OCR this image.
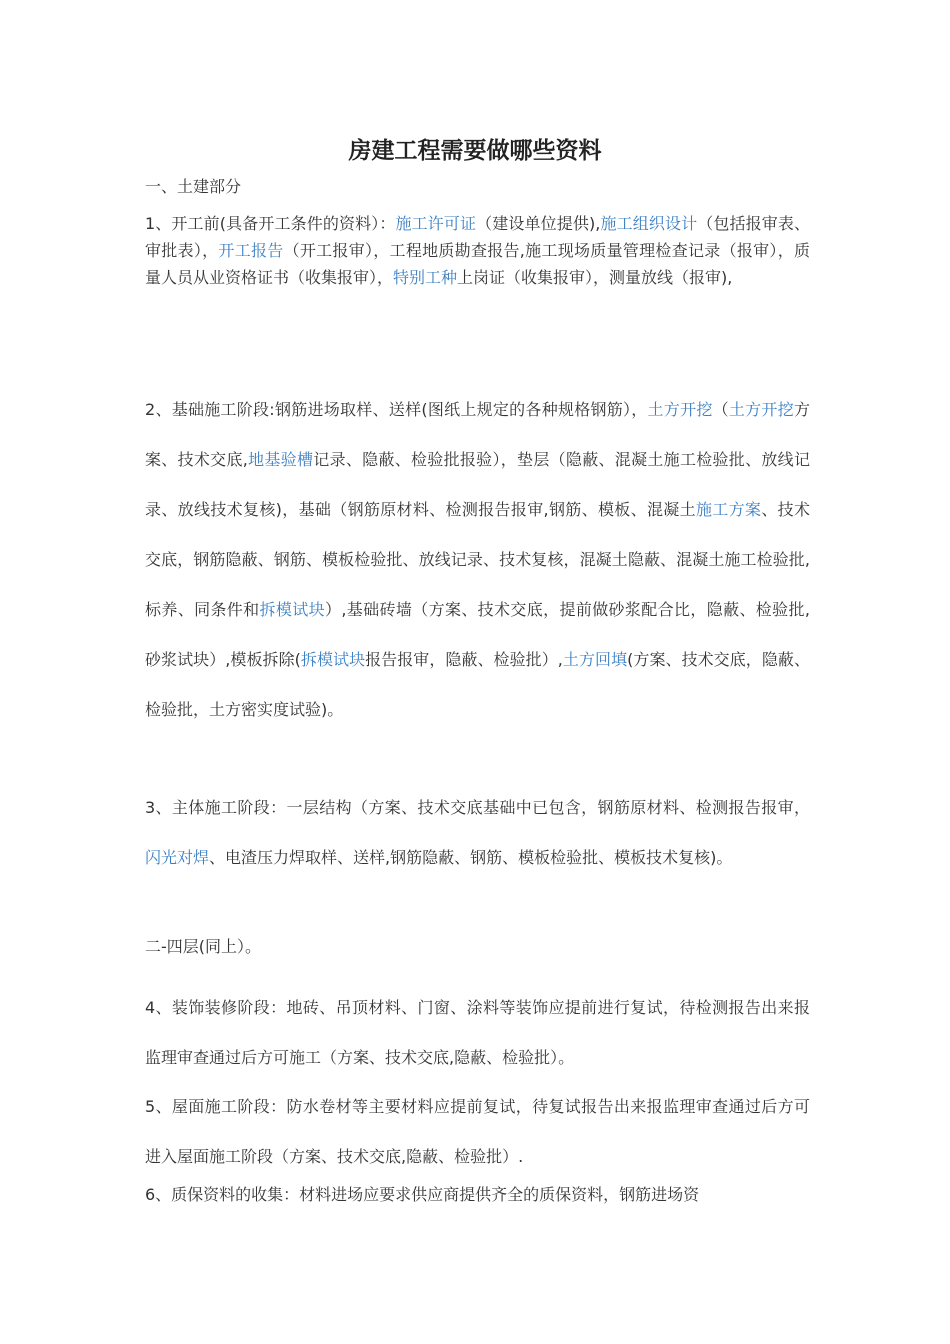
房建工程需要做哪些资料

一、土建部分

1、开工前(具备开工条件的资料）：施工许可证（建设单位提供),施工组织设计（包括报审表、审批表），开工报告（开工报审），工程地质勘查报告,施工现场质量管理检查记录（报审），质量人员从业资格证书（收集报审），特别工种上岗证（收集报审），测量放线（报审),

2、基础施工阶段:钢筋进场取样、送样(图纸上规定的各种规格钢筋），土方开挖（土方开挖方案、技术交底,地基验槽记录、隐蔽、检验批报验），垫层（隐蔽、混凝土施工检验批、放线记录、放线技术复核)，基础（钢筋原材料、检测报告报审,钢筋、模板、混凝土施工方案、技术交底，钢筋隐蔽、钢筋、模板检验批、放线记录、技术复核，混凝土隐蔽、混凝土施工检验批,标养、同条件和拆模试块）,基础砖墙（方案、技术交底，提前做砂浆配合比，隐蔽、检验批,砂浆试块）,模板拆除(拆模试块报告报审，隐蔽、检验批）,土方回填(方案、技术交底，隐蔽、检验批，土方密实度试验)。

3、主体施工阶段：一层结构（方案、技术交底基础中已包含，钢筋原材料、检测报告报审，闪光对焊、电渣压力焊取样、送样,钢筋隐蔽、钢筋、模板检验批、模板技术复核)。

二-四层(同上）。

4、装饰装修阶段：地砖、吊顶材料、门窗、涂料等装饰应提前进行复试，待检测报告出来报监理审查通过后方可施工（方案、技术交底,隐蔽、检验批）。

5、屋面施工阶段：防水卷材等主要材料应提前复试，待复试报告出来报监理审查通过后方可进入屋面施工阶段（方案、技术交底,隐蔽、检验批）.

6、质保资料的收集：材料进场应要求供应商提供齐全的质保资料，钢筋进场资
